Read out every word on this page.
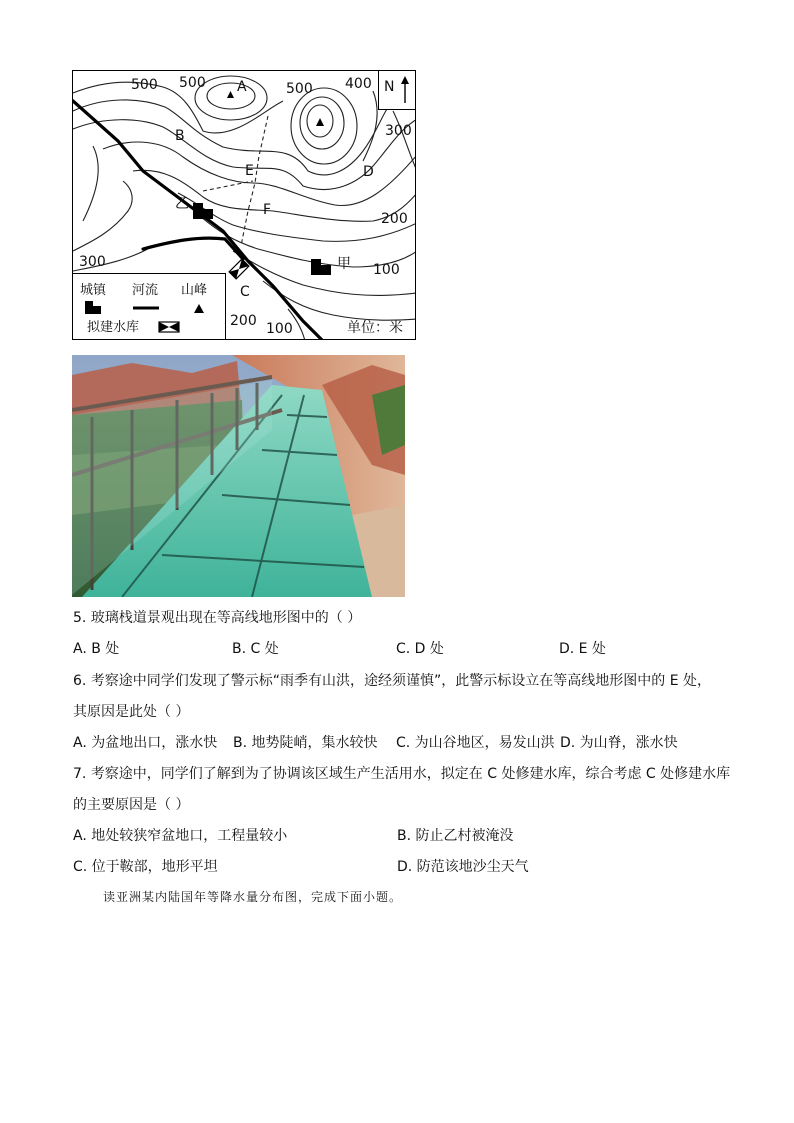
500 500	500 400
300
200
100
300
200 100
A
B
C
D
E
F
乙
甲
N
单位：米
城镇 河流 山峰
拟建水库
5. 玻璃栈道景观出现在等高线地形图中的（ ）
A. B 处	B. C 处	C. D 处	D. E 处
6. 考察途中同学们发现了警示标“雨季有山洪，途经须谨慎”，此警示标设立在等高线地形图中的 E 处，
其原因是此处（ ）
A. 为盆地出口，涨水快 B. 地势陡峭，集水较快 C. 为山谷地区，易发山洪 D. 为山脊，涨水快
7. 考察途中，同学们了解到为了协调该区域生产生活用水，拟定在 C 处修建水库，综合考虑 C 处修建水库
的主要原因是（ ）
A. 地处较狭窄盆地口，工程量较小	B. 防止乙村被淹没
C. 位于鞍部，地形平坦	D. 防范该地沙尘天气
读亚洲某内陆国年等降水量分布图，完成下面小题。
